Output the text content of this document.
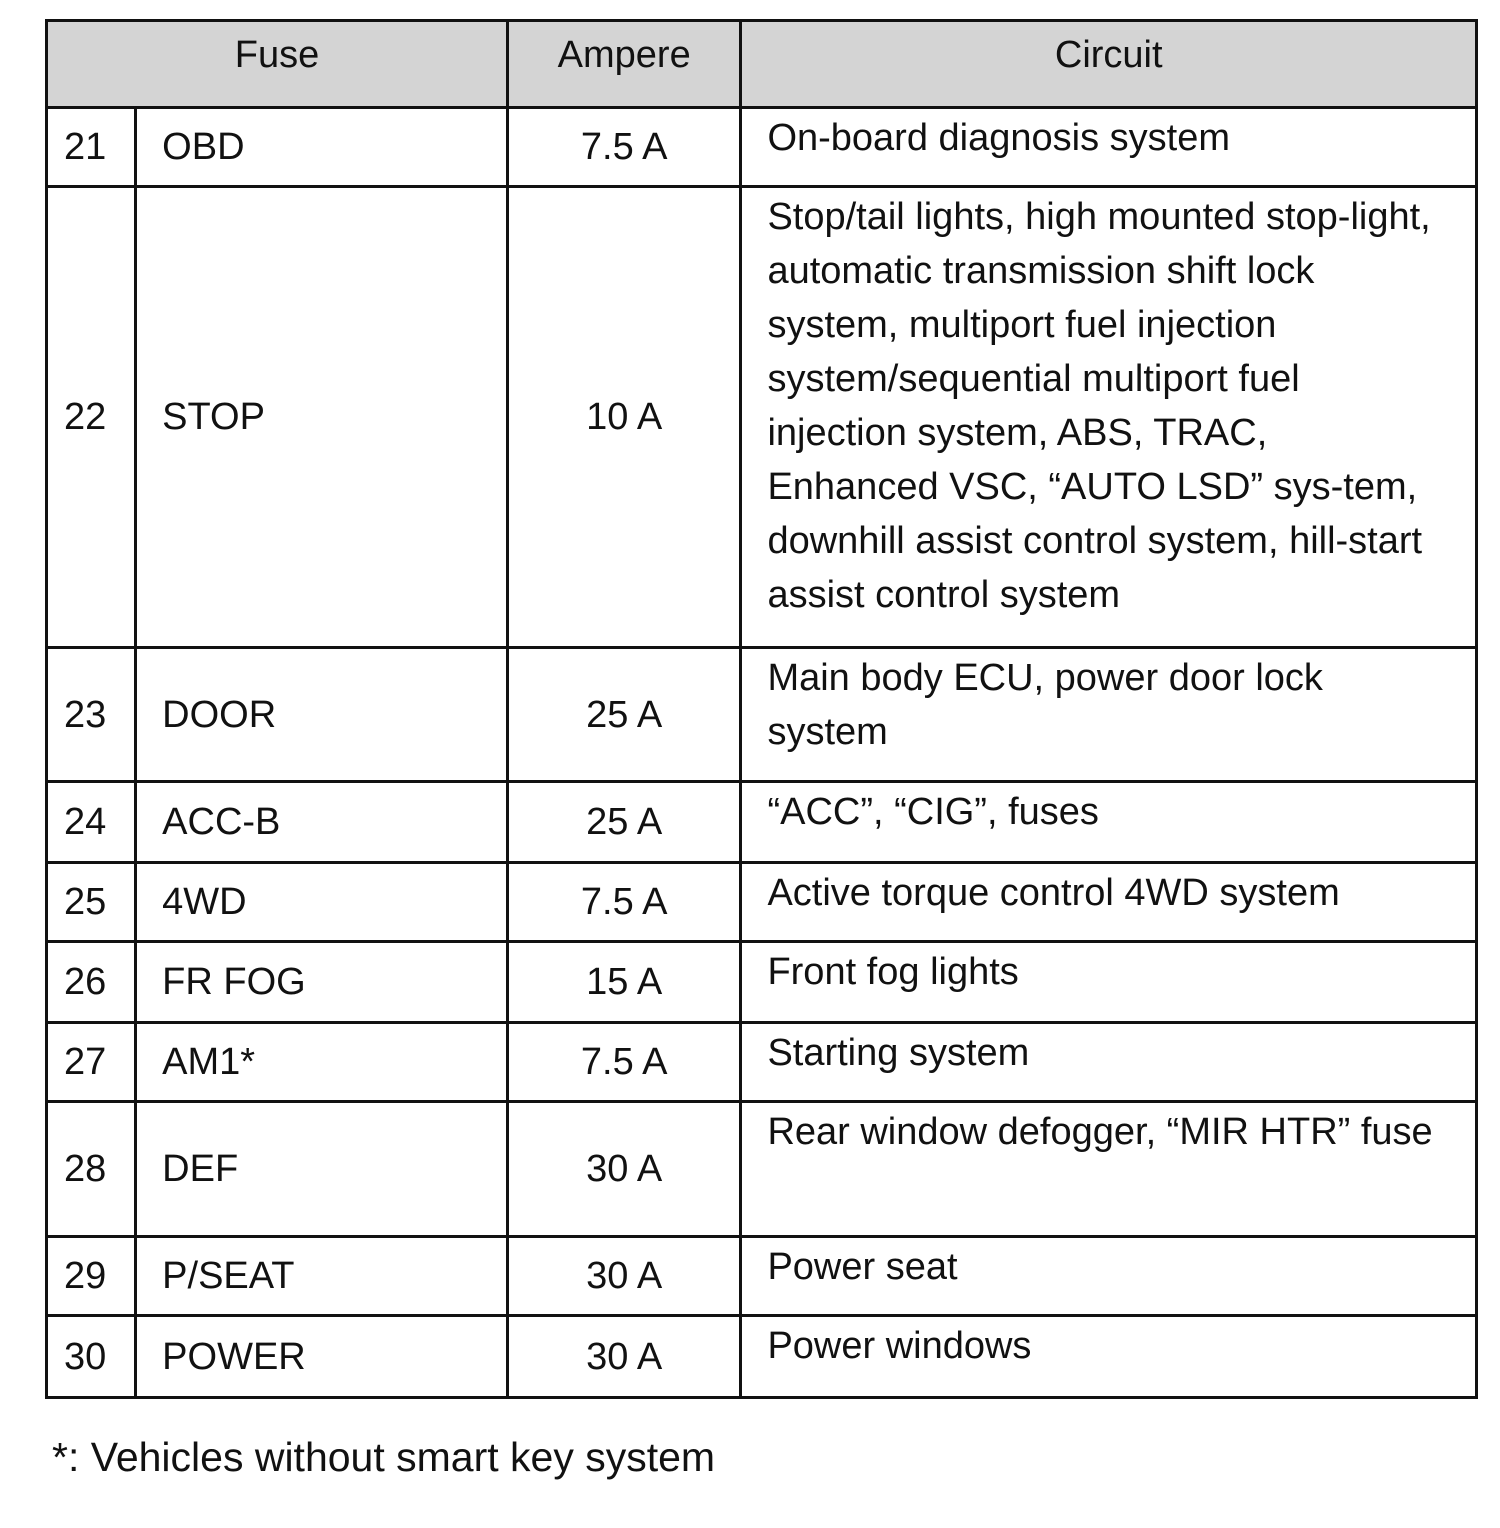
Fuse		Ampere	Circuit
21	OBD	7.5 A	On-board diagnosis system
22	STOP	10 A	Stop/tail lights, high mounted stop-light, automatic transmission shift lock system, multiport fuel injection system/sequential multiport fuel injection system, ABS, TRAC, Enhanced VSC, “AUTO LSD” sys-tem, downhill assist control system, hill-start assist control system
23	DOOR	25 A	Main body ECU, power door lock system
24	ACC-B	25 A	“ACC”, “CIG”, fuses
25	4WD	7.5 A	Active torque control 4WD system
26	FR FOG	15 A	Front fog lights
27	AM1*	7.5 A	Starting system
28	DEF	30 A	Rear window defogger, “MIR HTR” fuse
29	P/SEAT	30 A	Power seat
30	POWER	30 A	Power windows

*: Vehicles without smart key system
